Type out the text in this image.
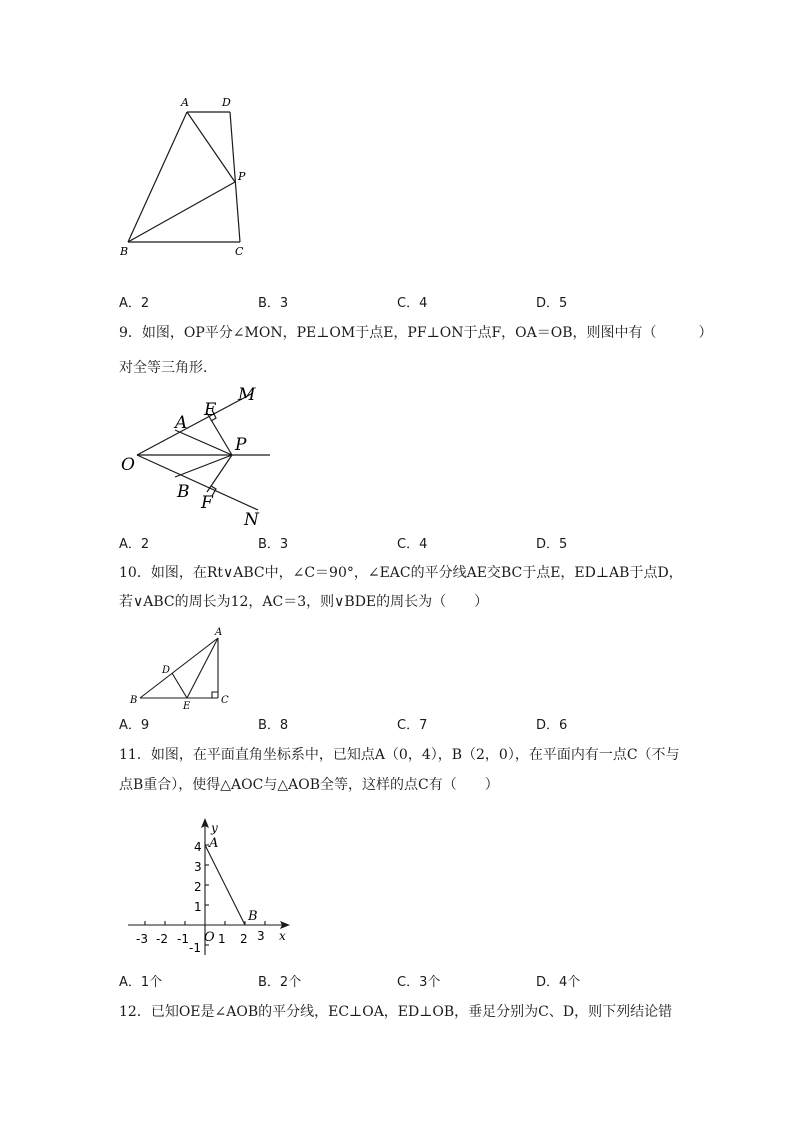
A	D
P
B	C
A．2	B．3	C．4	D．5
9．如图，OP平分∠MON，PE⊥OM于点E，PF⊥ON于点F，OA＝OB，则图中有（　　　）
对全等三角形．
O
A
E
M
P
B
F
N
A．2	B．3	C．4	D．5
10．如图，在Rt∨ABC中，∠C＝90°，∠EAC的平分线AE交BC于点E，ED⊥AB于点D，
若∨ABC的周长为12，AC＝3，则∨BDE的周长为（　　）
A
D
B
E
C
A．9	B．8	C．7	D．6
11．如图，在平面直角坐标系中，已知点A（0，4），B（2，0），在平面内有一点C（不与
点B重合），使得△AOC与△AOB全等，这样的点C有（　　）
y
x
A
B
O
-3 -2 -1 1 2 3
4
3
2
1
-1
A．1个	B．2个	C．3个	D．4个
12．已知OE是∠AOB的平分线，EC⊥OA，ED⊥OB，垂足分别为C、D，则下列结论错
